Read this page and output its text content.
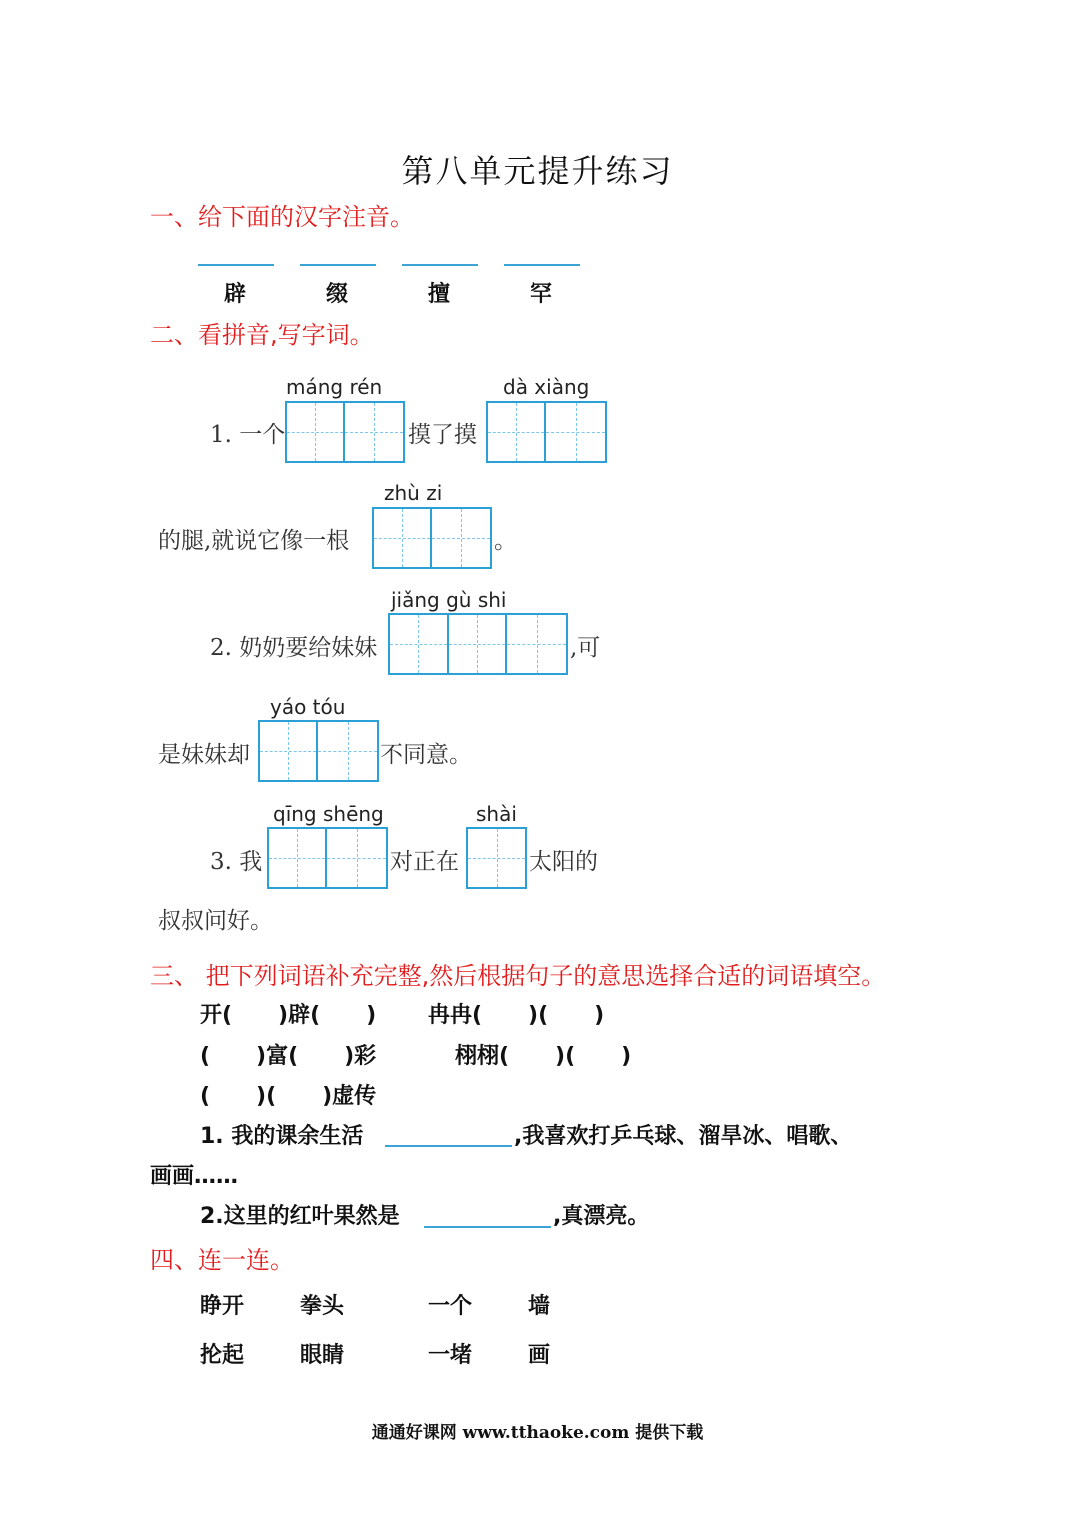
第八单元提升练习
一、给下面的汉字注音。
辟	缀	擅	罕
二、看拼音,写字词。
máng rén	dà xiàng
1. 一个	摸了摸
zhù zi
的腿,就说它像一根	。
jiǎng gù shi
2. 奶奶要给妹妹	,可
yáo tóu
是妹妹却	不同意。
qīng shēng	shài
3. 我	对正在	太阳的
叔叔问好。
三、 把下列词语补充完整,然后根据句子的意思选择合适的词语填空。
开(      )辟(      ) 冉冉(      )(      )
(      )富(      )彩	栩栩(      )(      )
(      )(      )虚传
1. 我的课余生活	,我喜欢打乒乓球、溜旱冰、唱歌、
画画……
2.这里的红叶果然是	,真漂亮。
四、连一连。
睁开	拳头	一个	墙
抡起	眼睛	一堵	画
通通好课网 www.tthaoke.com 提供下载
